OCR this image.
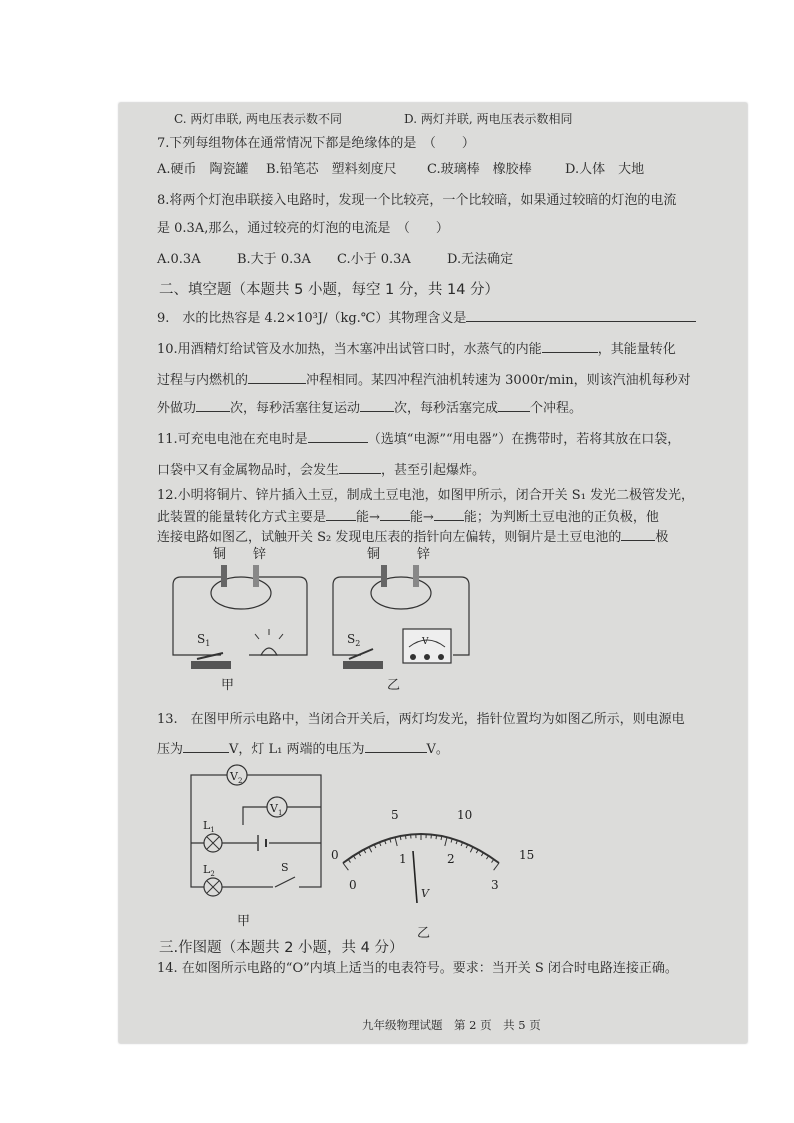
C. 两灯串联, 两电压表示数不同	D. 两灯并联, 两电压表示数相同
7.下列每组物体在通常情况下都是绝缘体的是　（　　）
A.硬币　陶瓷罐 B.铅笔芯　塑料刻度尺 C.玻璃棒　橡胶棒	D.人体　大地
8.将两个灯泡串联接入电路时，发现一个比较亮，一个比较暗，如果通过较暗的灯泡的电流
是 0.3A,那么，通过较亮的灯泡的电流是　（　　）
A.0.3A	B.大于 0.3A C.小于 0.3A	D.无法确定
二、填空题（本题共 5 小题，每空 1 分，共 14 分）
9.　水的比热容是 4.2×10³J/（kg.℃）其物理含义是
10.用酒精灯给试管及水加热，当木塞冲出试管口时，水蒸气的内能	，其能量转化
过程与内燃机的	冲程相同。某四冲程汽油机转速为 3000r/min，则该汽油机每秒对
外做功	次，每秒活塞往复运动	次，每秒活塞完成 个冲程。
11.可充电电池在充电时是	（选填“电源”“用电器”）在携带时，若将其放在口袋，
口袋中又有金属物品时，会发生	，甚至引起爆炸。
12.小明将铜片、锌片插入土豆，制成土豆电池，如图甲所示，闭合开关 S₁ 发光二极管发光，
此装置的能量转化方式主要是 能→ 能→ 能；为判断土豆电池的正负极，他
连接电路如图乙，试触开关 S₂ 发现电压表的指针向左偏转，则铜片是土豆电池的	极
铜 锌
$S_1$
甲
铜	锌
$S_2$	V
乙
13.　在图甲所示电路中，当闭合开关后，两灯均发光，指针位置均为如图乙所示，则电源电
压为	V，灯 L₁ 两端的电压为	V。
$V_2$
$V_1$
$L_1$
$L_2$	S
甲
0
5	10
15
0
1	2
3
V
乙
三.作图题（本题共 2 小题，共 4 分）
14. 在如图所示电路的“O”内填上适当的电表符号。要求：当开关 S 闭合时电路连接正确。
九年级物理试题　第 2 页　共 5 页
